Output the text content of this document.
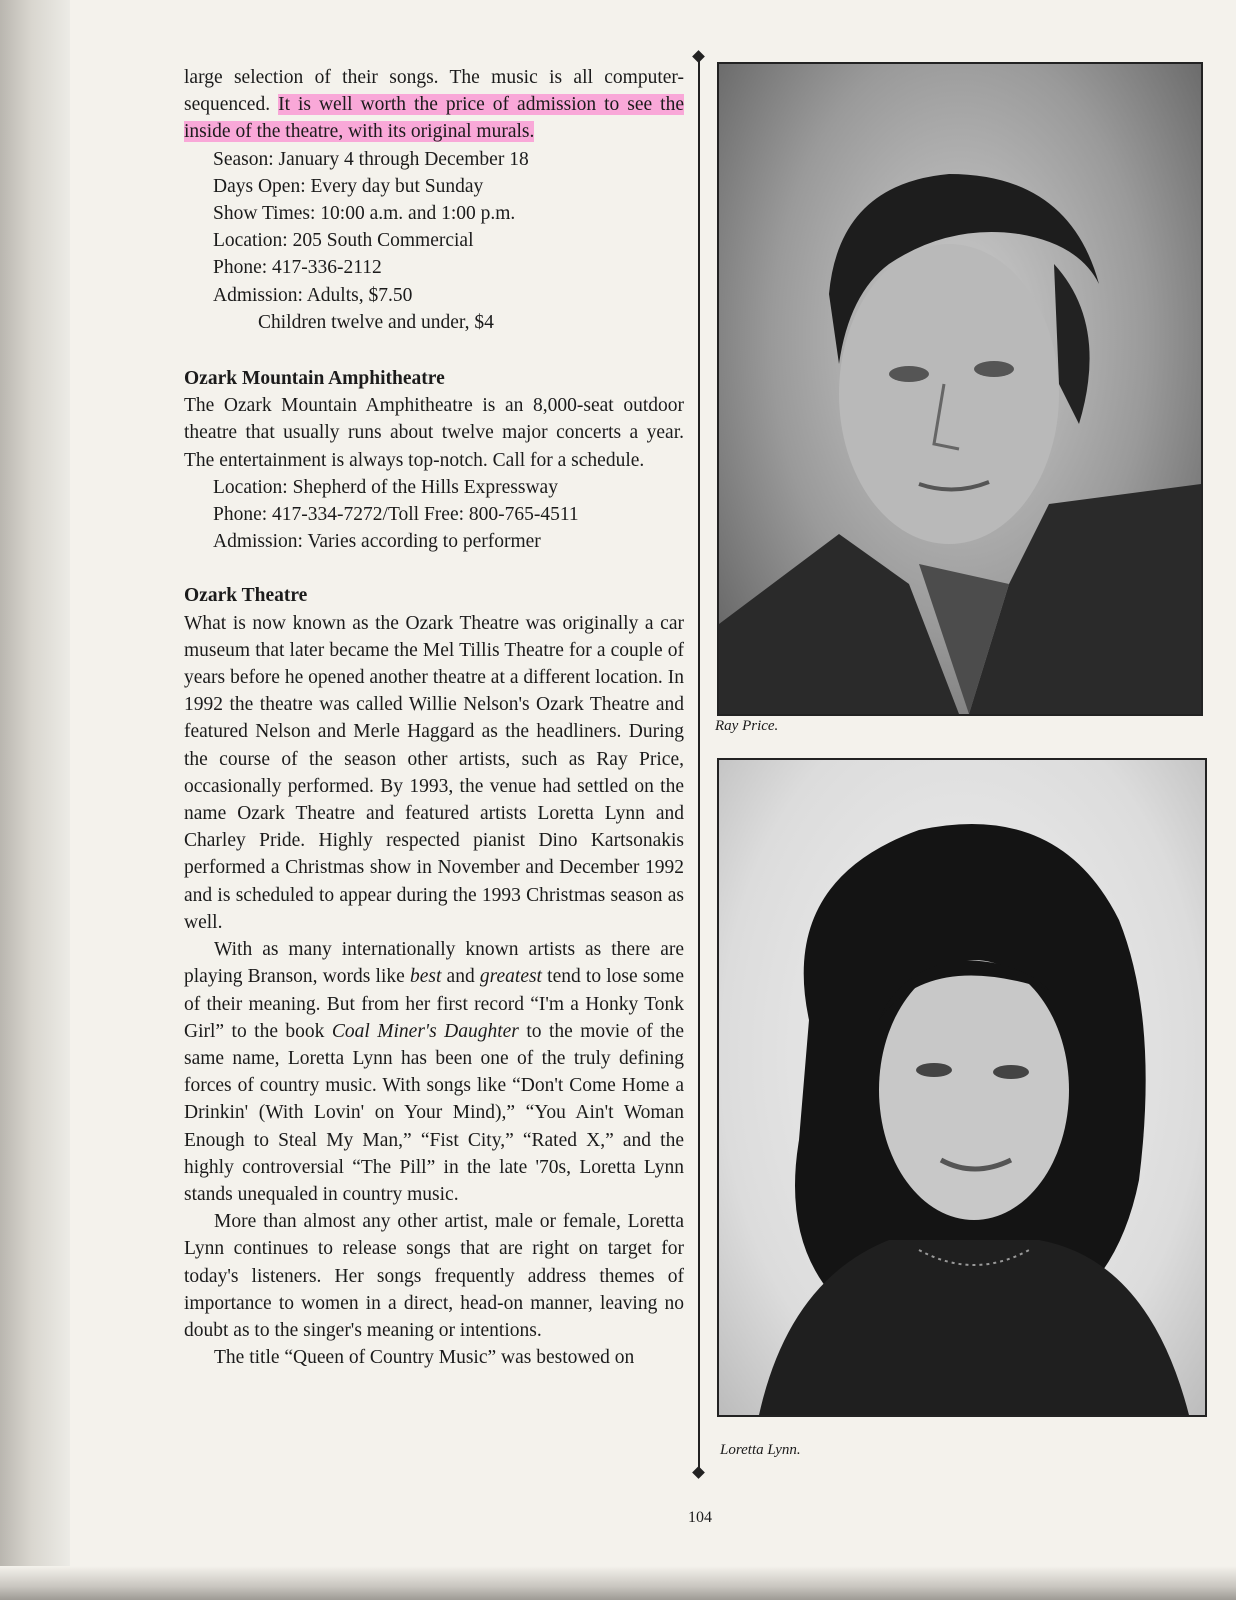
large selection of their songs. The music is all computer-sequenced. It is well worth the price of admission to see the inside of the theatre, with its original murals.

Season: January 4 through December 18
Days Open: Every day but Sunday
Show Times: 10:00 a.m. and 1:00 p.m.
Location: 205 South Commercial
Phone: 417-336-2112
Admission: Adults, $7.50
Children twelve and under, $4
Ozark Mountain Amphitheatre

The Ozark Mountain Amphitheatre is an 8,000-seat outdoor theatre that usually runs about twelve major concerts a year. The entertainment is always top-notch. Call for a schedule.

Location: Shepherd of the Hills Expressway
Phone: 417-334-7272/Toll Free: 800-765-4511
Admission: Varies according to performer
Ozark Theatre

What is now known as the Ozark Theatre was originally a car museum that later became the Mel Tillis Theatre for a couple of years before he opened another theatre at a different location. In 1992 the theatre was called Willie Nelson's Ozark Theatre and featured Nelson and Merle Haggard as the headliners. During the course of the season other artists, such as Ray Price, occasionally performed. By 1993, the venue had settled on the name Ozark Theatre and featured artists Loretta Lynn and Charley Pride. Highly respected pianist Dino Kartsonakis performed a Christmas show in November and December 1992 and is scheduled to appear during the 1993 Christmas season as well.

With as many internationally known artists as there are playing Branson, words like best and greatest tend to lose some of their meaning. But from her first record “I'm a Honky Tonk Girl” to the book Coal Miner's Daughter to the movie of the same name, Loretta Lynn has been one of the truly defining forces of country music. With songs like “Don't Come Home a Drinkin' (With Lovin' on Your Mind),” “You Ain't Woman Enough to Steal My Man,” “Fist City,” “Rated X,” and the highly controversial “The Pill” in the late '70s, Loretta Lynn stands unequaled in country music.

More than almost any other artist, male or female, Loretta Lynn continues to release songs that are right on target for today's listeners. Her songs frequently address themes of importance to women in a direct, head-on manner, leaving no doubt as to the singer's meaning or intentions.

The title “Queen of Country Music” was bestowed on

Ray Price.
Loretta Lynn.
104
